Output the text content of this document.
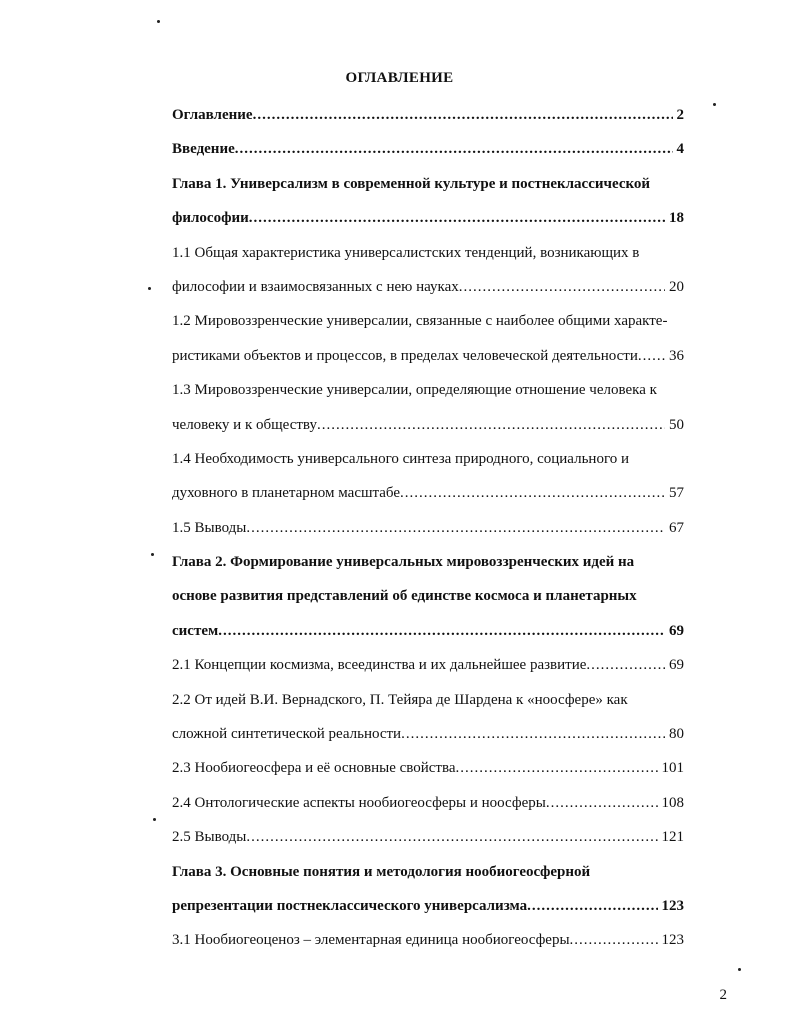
ОГЛАВЛЕНИЕ
Оглавление .....	2
Введение .....	4
Глава 1. Универсализм в современной культуре и постнеклассической
философии .....	18
1.1 Общая характеристика универсалистских тенденций, возникающих в
философии и взаимосвязанных с нею науках .....	20
1.2 Мировоззренческие универсалии, связанные с наиболее общими характе-
ристиками объектов и процессов, в пределах человеческой деятельности ..... 36
1.3 Мировоззренческие универсалии, определяющие отношение человека к
человеку и к обществу .....	50
1.4 Необходимость универсального синтеза природного, социального и
духовного в планетарном масштабе .....	57
1.5 Выводы .....	67
Глава 2. Формирование универсальных мировоззренческих идей на
основе развития представлений об единстве космоса и планетарных
систем .....	69
2.1 Концепции космизма, всеединства и их дальнейшее развитие .....	69
2.2 От идей В.И. Вернадского, П. Тейяра де Шардена к «ноосфере» как
сложной синтетической реальности .....	80
2.3 Нообиогеосфера и её основные свойства .....	101
2.4 Онтологические аспекты нообиогеосферы и ноосферы .....	108
2.5 Выводы .....	121
Глава 3. Основные понятия и методология нообиогеосферной
репрезентации постнеклассического универсализма .....	123
3.1 Нообиогеоценоз – элементарная единица нообиогеосферы .....	123
2
